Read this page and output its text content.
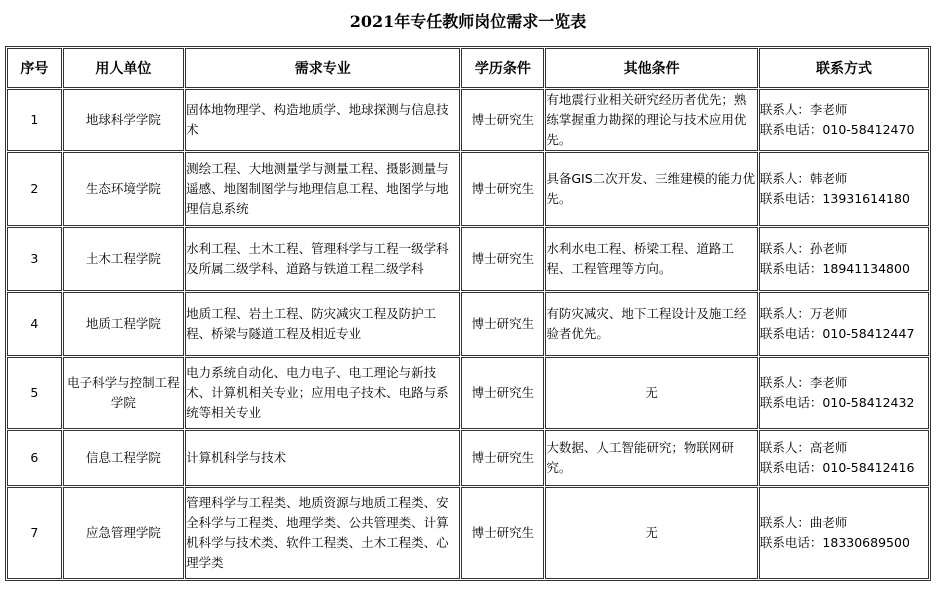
2021年专任教师岗位需求一览表
序号	用人单位	需求专业	学历条件	其他条件	联系方式
1	地球科学学院	固体地物理学、构造地质学、地球探测与信息技术	博士研究生	有地震行业相关研究经历者优先；熟练掌握重力勘探的理论与技术应用优先。	联系人：李老师
联系电话：010-58412470

2	生态环境学院	测绘工程、大地测量学与测量工程、摄影测量与遥感、地图制图学与地理信息工程、地图学与地理信息系统	博士研究生	具备GIS二次开发、三维建模的能力优先。	联系人：韩老师
联系电话：13931614180

3	土木工程学院	水利工程、土木工程、管理科学与工程一级学科及所属二级学科、道路与铁道工程二级学科	博士研究生	水利水电工程、桥梁工程、道路工程、工程管理等方向。	联系人：孙老师
联系电话：18941134800

4	地质工程学院	地质工程、岩土工程、防灾减灾工程及防护工程、桥梁与隧道工程及相近专业	博士研究生	有防灾减灾、地下工程设计及施工经验者优先。	联系人：万老师
联系电话：010-58412447

5	电子科学与控制工程学院	电力系统自动化、电力电子、电工理论与新技术、计算机相关专业；应用电子技术、电路与系统等相关专业	博士研究生	无	联系人：李老师
联系电话：010-58412432

6	信息工程学院	计算机科学与技术	博士研究生	大数据、人工智能研究；物联网研究。	联系人：高老师
联系电话：010-58412416

7	应急管理学院	管理科学与工程类、地质资源与地质工程类、安全科学与工程类、地理学类、公共管理类、计算机科学与技术类、软件工程类、土木工程类、心理学类	博士研究生	无	联系人：曲老师
联系电话：18330689500
